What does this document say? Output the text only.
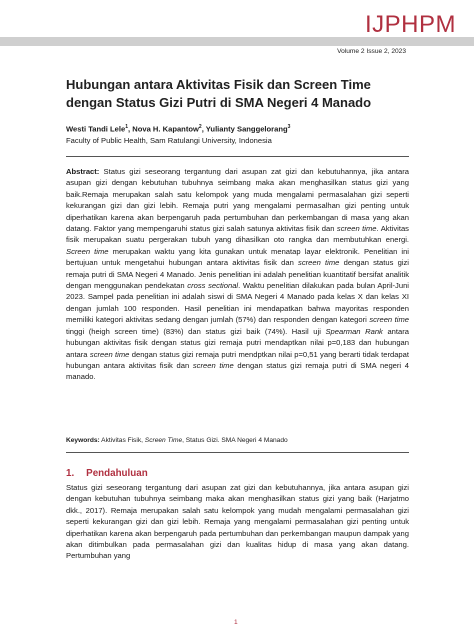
IJPHPM
Volume 2 Issue 2, 2023
Hubungan antara Aktivitas Fisik dan Screen Time dengan Status Gizi Putri di SMA Negeri 4 Manado
Westi Tandi Lele$^1$, Nova H. Kapantow$^2$, Yulianty Sanggelorang$^3$
Faculty of Public Health, Sam Ratulangi University, Indonesia
Abstract: Status gizi seseorang tergantung dari asupan zat gizi dan kebutuhannya, jika antara asupan gizi dengan kebutuhan tubuhnya seimbang maka akan menghasilkan status gizi yang baik.Remaja merupakan salah satu kelompok yang muda mengalami permasalahan gizi seperti kekurangan gizi dan gizi lebih. Remaja putri yang mengalami permasalhan gizi penting untuk diperhatikan karena akan berpengaruh pada pertumbuhan dan perkembangan di masa yang akan datang. Faktor yang mempengaruhi status gizi salah satunya aktivitas fisik dan screen time. Aktivitas fisik merupakan suatu pergerakan tubuh yang dihasilkan oto rangka dan membutuhkan energi. Screen time merupakan waktu yang kita gunakan untuk menatap layar elektronik. Penelitian ini bertujuan untuk mengetahui hubungan antara aktivitas fisik dan screen time dengan status gizi remaja putri di SMA Negeri 4 Manado. Jenis penelitian ini adalah penelitian kuantitatif bersifat analitik dengan menggunakan pendekatan cross sectional. Waktu penelitian dilakukan pada bulan April-Juni 2023. Sampel pada penelitian ini adalah siswi di SMA Negeri 4 Manado pada kelas X dan kelas XI dengan jumlah 100 responden. Hasil penelitian ini mendapatkan bahwa mayoritas responden memiliki kategori aktivitas sedang dengan jumlah (57%) dan responden dengan kategori screen time tinggi (heigh screen time) (83%) dan status gizi baik (74%). Hasil uji Spearman Rank antara hubungan aktivitas fisik dengan status gizi remaja putri mendaptkan nilai p=0,183 dan hubungan antara screen time dengan status gizi remaja putri mendptkan nilai p=0,51 yang berarti tidak terdapat hubungan antara aktivitas fisik dan screen time dengan status gizi remaja putri di SMA negeri 4 manado.
Keywords: Aktivitas Fisik, Screen Time, Status Gizi. SMA Negeri 4 Manado
1. Pendahuluan
Status gizi seseorang tergantung dari asupan zat gizi dan kebutuhannya, jika antara asupan gizi dengan kebutuhan tubuhnya seimbang maka akan menghasilkan status gizi yang baik (Harjatmo dkk., 2017). Remaja merupakan salah satu kelompok yang mudah mengalami permasalahan gizi seperti kekurangan gizi dan gizi lebih. Remaja yang mengalami permasalahan gizi penting untuk diperhatikan karena akan berpengaruh pada pertumbuhan dan perkembangan maupun dampak yang akan ditimbulkan pada permasalahan gizi dan kualitas hidup di masa yang akan datang. Pertumbuhan yang
1
